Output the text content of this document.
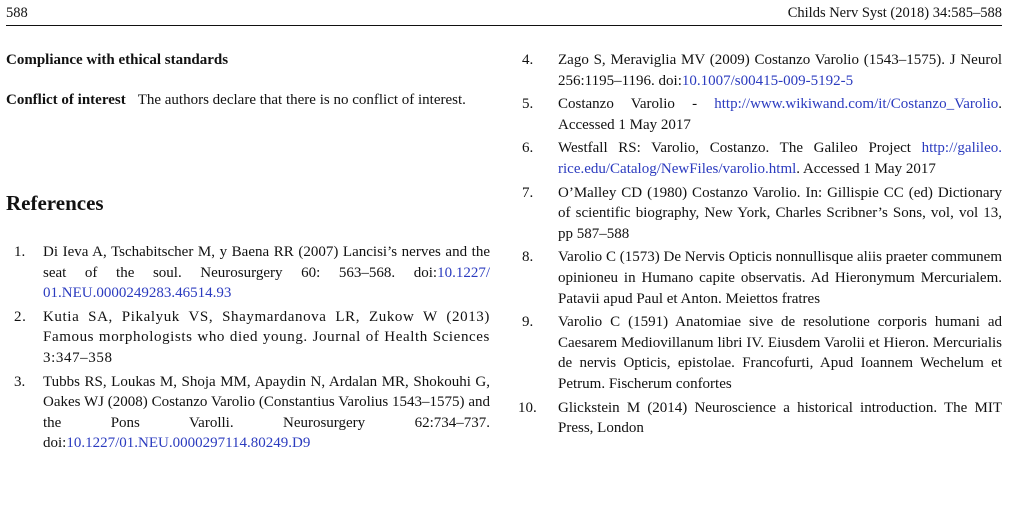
588	Childs Nerv Syst (2018) 34:585–588

Compliance with ethical standards

Conflict of interest The authors declare that there is no conflict of interest.

References
1. Di Ieva A, Tschabitscher M, y Baena RR (2007) Lancisi’s nerves and the seat of the soul. Neurosurgery 60: 563–568. doi:10.1227/ 01.NEU.0000249283.46514.93
2. Kutia SA, Pikalyuk VS, Shaymardanova LR, Zukow W (2013) Famous morphologists who died young. Journal of Health Sciences 3:347–358
3. Tubbs RS, Loukas M, Shoja MM, Apaydin N, Ardalan MR, Shokouhi G, Oakes WJ (2008) Costanzo Varolio (Constantius Varolius 1543–1575) and the Pons Varolli. Neurosurgery 62:734–737. doi:10.1227/01.NEU.0000297114.80249.D9
4. Zago S, Meraviglia MV (2009) Costanzo Varolio (1543–1575). J Neurol 256:1195–1196. doi:10.1007/s00415-009-5192-5
5. Costanzo Varolio - http://www.wikiwand.com/it/Costanzo_Varolio. Accessed 1 May 2017
6. Westfall RS: Varolio, Costanzo. The Galileo Project http://galileo. rice.edu/Catalog/NewFiles/varolio.html. Accessed 1 May 2017
7. O’Malley CD (1980) Costanzo Varolio. In: Gillispie CC (ed) Dictionary of scientific biography, New York, Charles Scribner’s Sons, vol, vol 13, pp 587–588
8. Varolio C (1573) De Nervis Opticis nonnullisque aliis praeter communem opinioneu in Humano capite observatis. Ad Hieronymum Mercurialem. Patavii apud Paul et Anton. Meiettos fratres
9. Varolio C (1591) Anatomiae sive de resolutione corporis humani ad Caesarem Mediovillanum libri IV. Eiusdem Varolii et Hieron. Mercurialis de nervis Opticis, epistolae. Francofurti, Apud Ioannem Wechelum et Petrum. Fischerum confortes
10. Glickstein M (2014) Neuroscience a historical introduction. The MIT Press, London
